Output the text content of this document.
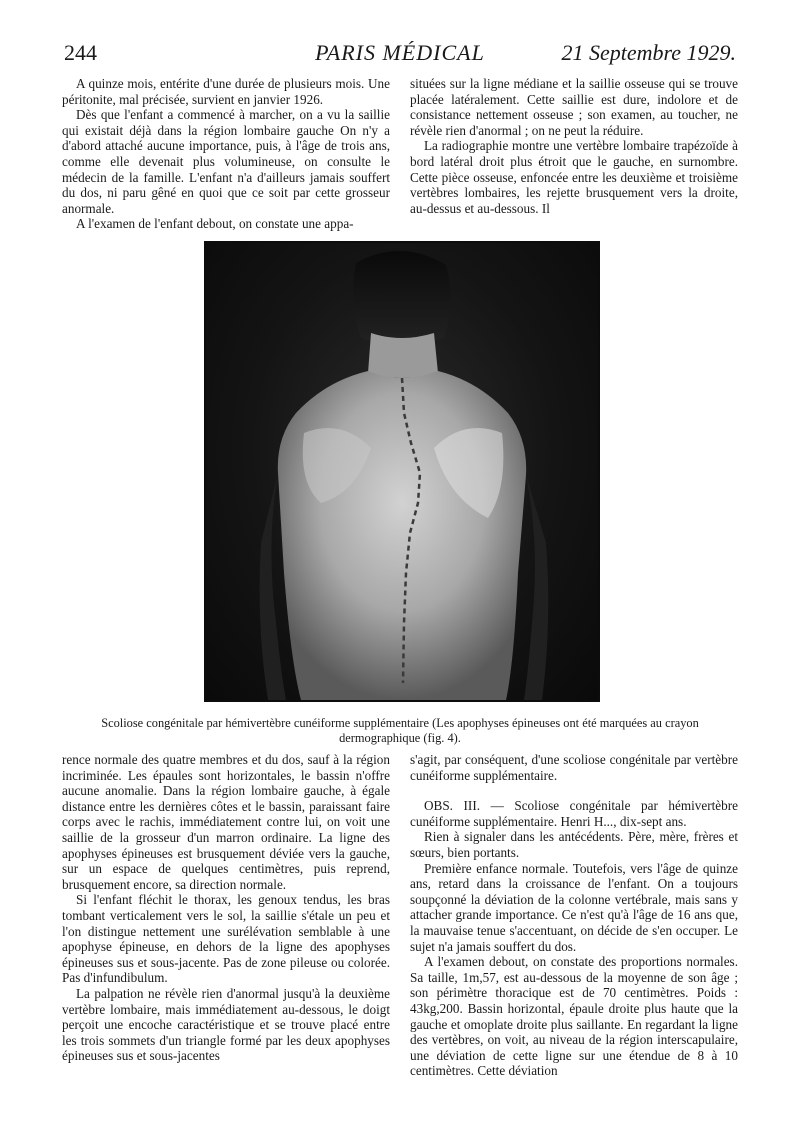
244	PARIS MÉDICAL	21 Septembre 1929.

A quinze mois, entérite d'une durée de plusieurs mois. Une péritonite, mal précisée, survient en janvier 1926.

Dès que l'enfant a commencé à marcher, on a vu la saillie qui existait déjà dans la région lombaire gauche On n'y a d'abord attaché aucune importance, puis, à l'âge de trois ans, comme elle devenait plus volumineuse, on consulte le médecin de la famille. L'enfant n'a d'ailleurs jamais souffert du dos, ni paru gêné en quoi que ce soit par cette grosseur anormale.

A l'examen de l'enfant debout, on constate une appa-

situées sur la ligne médiane et la saillie osseuse qui se trouve placée latéralement. Cette saillie est dure, indolore et de consistance nettement osseuse ; son examen, au toucher, ne révèle rien d'anormal ; on ne peut la réduire.

La radiographie montre une vertèbre lombaire trapézoïde à bord latéral droit plus étroit que le gauche, en surnombre. Cette pièce osseuse, enfoncée entre les deuxième et troisième vertèbres lombaires, les rejette brusquement vers la droite, au-dessus et au-dessous. Il

Scoliose congénitale par hémivertèbre cunéiforme supplémentaire (Les apophyses épineuses ont été marquées au crayon dermographique (fig. 4).

rence normale des quatre membres et du dos, sauf à la région incriminée. Les épaules sont horizontales, le bassin n'offre aucune anomalie. Dans la région lombaire gauche, à égale distance entre les dernières côtes et le bassin, paraissant faire corps avec le rachis, immédiatement contre lui, on voit une saillie de la grosseur d'un marron ordinaire. La ligne des apophyses épineuses est brusquement déviée vers la gauche, sur un espace de quelques centimètres, puis reprend, brusquement encore, sa direction normale.

Si l'enfant fléchit le thorax, les genoux tendus, les bras tombant verticalement vers le sol, la saillie s'étale un peu et l'on distingue nettement une surélévation semblable à une apophyse épineuse, en dehors de la ligne des apophyses épineuses sus et sous-jacente. Pas de zone pileuse ou colorée. Pas d'infundibulum.

La palpation ne révèle rien d'anormal jusqu'à la deuxième vertèbre lombaire, mais immédiatement au-dessous, le doigt perçoit une encoche caractéristique et se trouve placé entre les trois sommets d'un triangle formé par les deux apophyses épineuses sus et sous-jacentes

s'agit, par conséquent, d'une scoliose congénitale par vertèbre cunéiforme supplémentaire.

OBS. III. — Scoliose congénitale par hémivertèbre cunéiforme supplémentaire. Henri H..., dix-sept ans.

Rien à signaler dans les antécédents. Père, mère, frères et sœurs, bien portants.

Première enfance normale. Toutefois, vers l'âge de quinze ans, retard dans la croissance de l'enfant. On a toujours soupçonné la déviation de la colonne vertébrale, mais sans y attacher grande importance. Ce n'est qu'à l'âge de 16 ans que, la mauvaise tenue s'accentuant, on décide de s'en occuper. Le sujet n'a jamais souffert du dos.

A l'examen debout, on constate des proportions normales. Sa taille, 1m,57, est au-dessous de la moyenne de son âge ; son périmètre thoracique est de 70 centimètres. Poids : 43kg,200. Bassin horizontal, épaule droite plus haute que la gauche et omoplate droite plus saillante. En regardant la ligne des vertèbres, on voit, au niveau de la région interscapulaire, une déviation de cette ligne sur une étendue de 8 à 10 centimètres. Cette déviation
